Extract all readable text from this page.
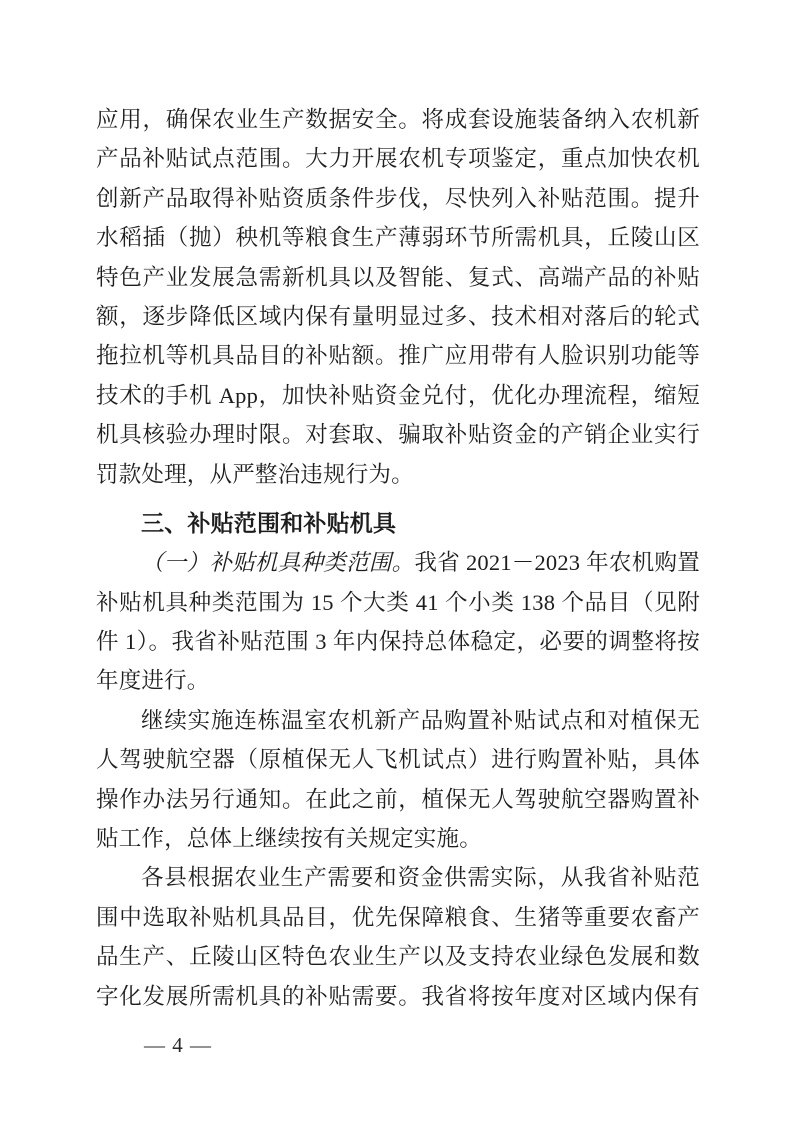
应用，确保农业生产数据安全。将成套设施装备纳入农机新
产品补贴试点范围。大力开展农机专项鉴定，重点加快农机
创新产品取得补贴资质条件步伐，尽快列入补贴范围。提升
水稻插（抛）秧机等粮食生产薄弱环节所需机具，丘陵山区
特色产业发展急需新机具以及智能、复式、高端产品的补贴
额，逐步降低区域内保有量明显过多、技术相对落后的轮式
拖拉机等机具品目的补贴额。推广应用带有人脸识别功能等
技术的手机 App，加快补贴资金兑付，优化办理流程，缩短
机具核验办理时限。对套取、骗取补贴资金的产销企业实行
罚款处理，从严整治违规行为。
三、补贴范围和补贴机具
（一）补贴机具种类范围。我省 2021－2023 年农机购置
补贴机具种类范围为 15 个大类 41 个小类 138 个品目（见附
件 1）。我省补贴范围 3 年内保持总体稳定，必要的调整将按
年度进行。
继续实施连栋温室农机新产品购置补贴试点和对植保无
人驾驶航空器（原植保无人飞机试点）进行购置补贴，具体
操作办法另行通知。在此之前，植保无人驾驶航空器购置补
贴工作，总体上继续按有关规定实施。
各县根据农业生产需要和资金供需实际，从我省补贴范
围中选取补贴机具品目，优先保障粮食、生猪等重要农畜产
品生产、丘陵山区特色农业生产以及支持农业绿色发展和数
字化发展所需机具的补贴需要。我省将按年度对区域内保有
— 4 —
